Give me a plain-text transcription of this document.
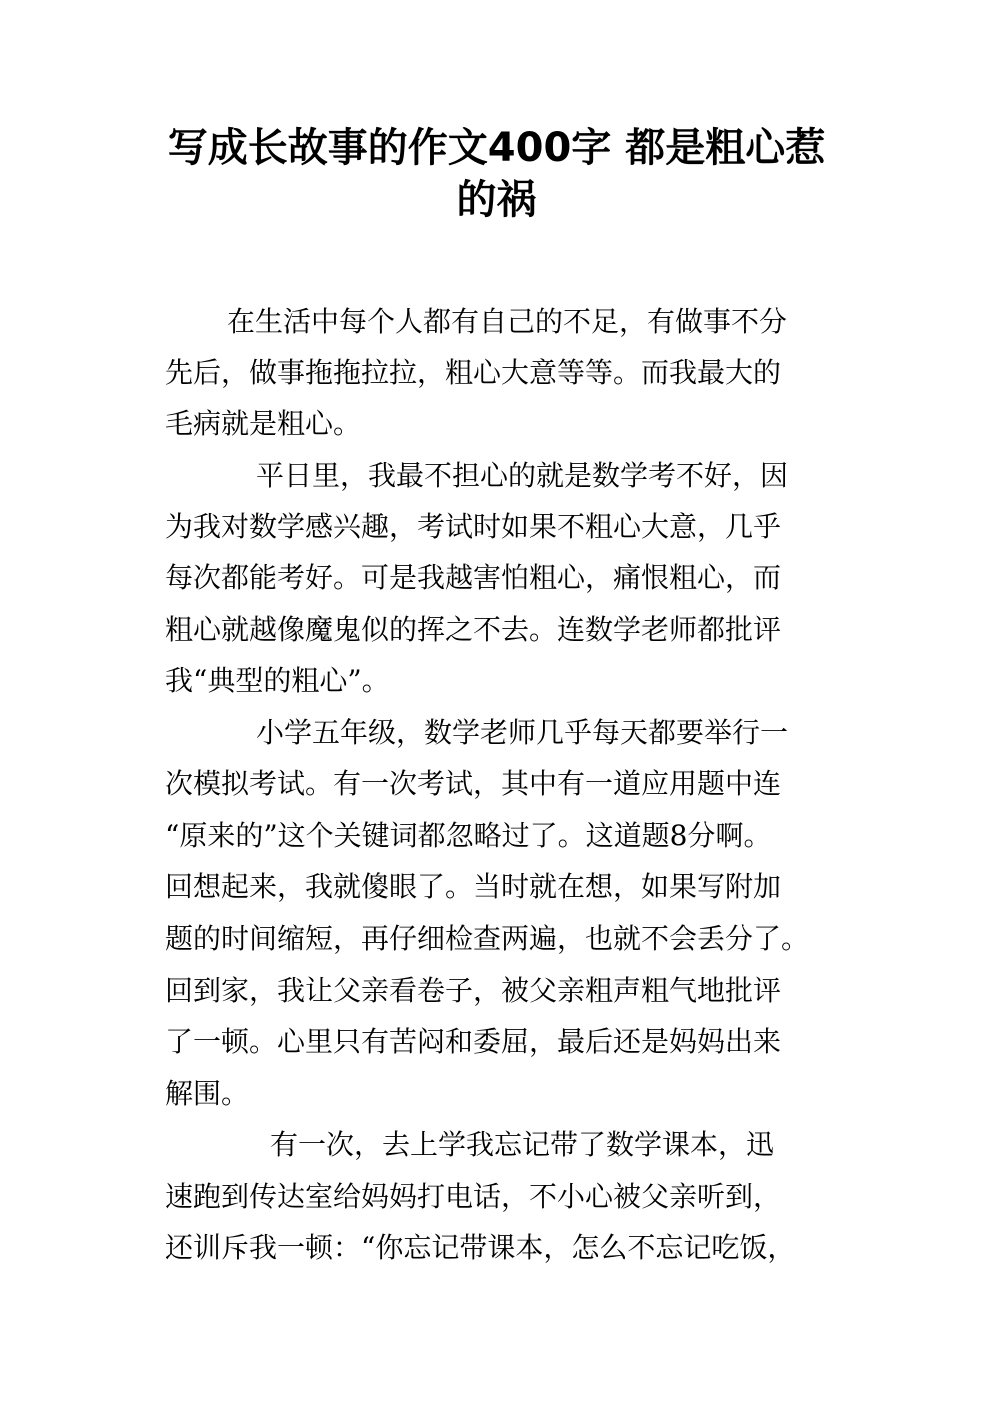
写成长故事的作文400字 都是粗心惹
的祸

在生活中每个人都有自己的不足，有做事不分

先后，做事拖拖拉拉，粗心大意等等。而我最大的

毛病就是粗心。

平日里，我最不担心的就是数学考不好，因

为我对数学感兴趣，考试时如果不粗心大意，几乎

每次都能考好。可是我越害怕粗心，痛恨粗心，而

粗心就越像魔鬼似的挥之不去。连数学老师都批评

我“典型的粗心”。

小学五年级，数学老师几乎每天都要举行一

次模拟考试。有一次考试，其中有一道应用题中连

“原来的”这个关键词都忽略过了。这道题8分啊。

回想起来，我就傻眼了。当时就在想，如果写附加

题的时间缩短，再仔细检查两遍，也就不会丢分了。

回到家，我让父亲看卷子，被父亲粗声粗气地批评

了一顿。心里只有苦闷和委屈，最后还是妈妈出来

解围。

有一次，去上学我忘记带了数学课本，迅

速跑到传达室给妈妈打电话，不小心被父亲听到，

还训斥我一顿：“你忘记带课本，怎么不忘记吃饭，
